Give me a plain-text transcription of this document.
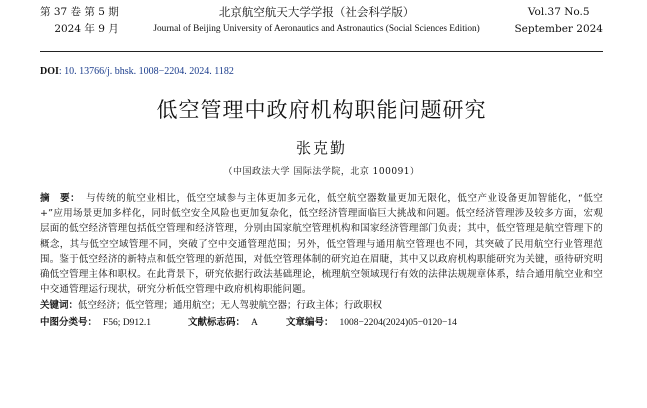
第 37 卷 第 5 期
2024 年 9 月
北京航空航天大学学报（社会科学版）
Journal of Beijing University of Aeronautics and Astronautics (Social Sciences Edition)
Vol.37 No.5
September 2024
DOI: 10. 13766/j. bhsk. 1008−2204. 2024. 1182
低空管理中政府机构职能问题研究
张克勤
（中国政法大学 国际法学院，北京 100091）
摘　要： 与传统的航空业相比，低空空域参与主体更加多元化，低空航空器数量更加无限化，低空产业设备更加智能化，“低空+”应用场景更加多样化，同时低空安全风险也更加复杂化，低空经济管理面临巨大挑战和问题。低空经济管理涉及较多方面，宏观层面的低空经济管理包括低空管理和经济管理，分别由国家航空管理机构和国家经济管理部门负责；其中，低空管理是航空管理下的概念，其与低空空域管理不同，突破了空中交通管理范围；另外，低空管理与通用航空管理也不同，其突破了民用航空行业管理范围。鉴于低空经济的新特点和低空管理的新范围，对低空管理体制的研究迫在眉睫，其中又以政府机构职能研究为关键，亟待研究明确低空管理主体和职权。在此背景下，研究依据行政法基础理论，梳理航空领域现行有效的法律法规规章体系，结合通用航空业和空中交通管理运行现状，研究分析低空管理中政府机构职能问题。
关键词：低空经济；低空管理；通用航空；无人驾驶航空器；行政主体；行政职权
中图分类号： F56; D912.1	文献标志码： A	文章编号： 1008−2204(2024)05−0120−14
